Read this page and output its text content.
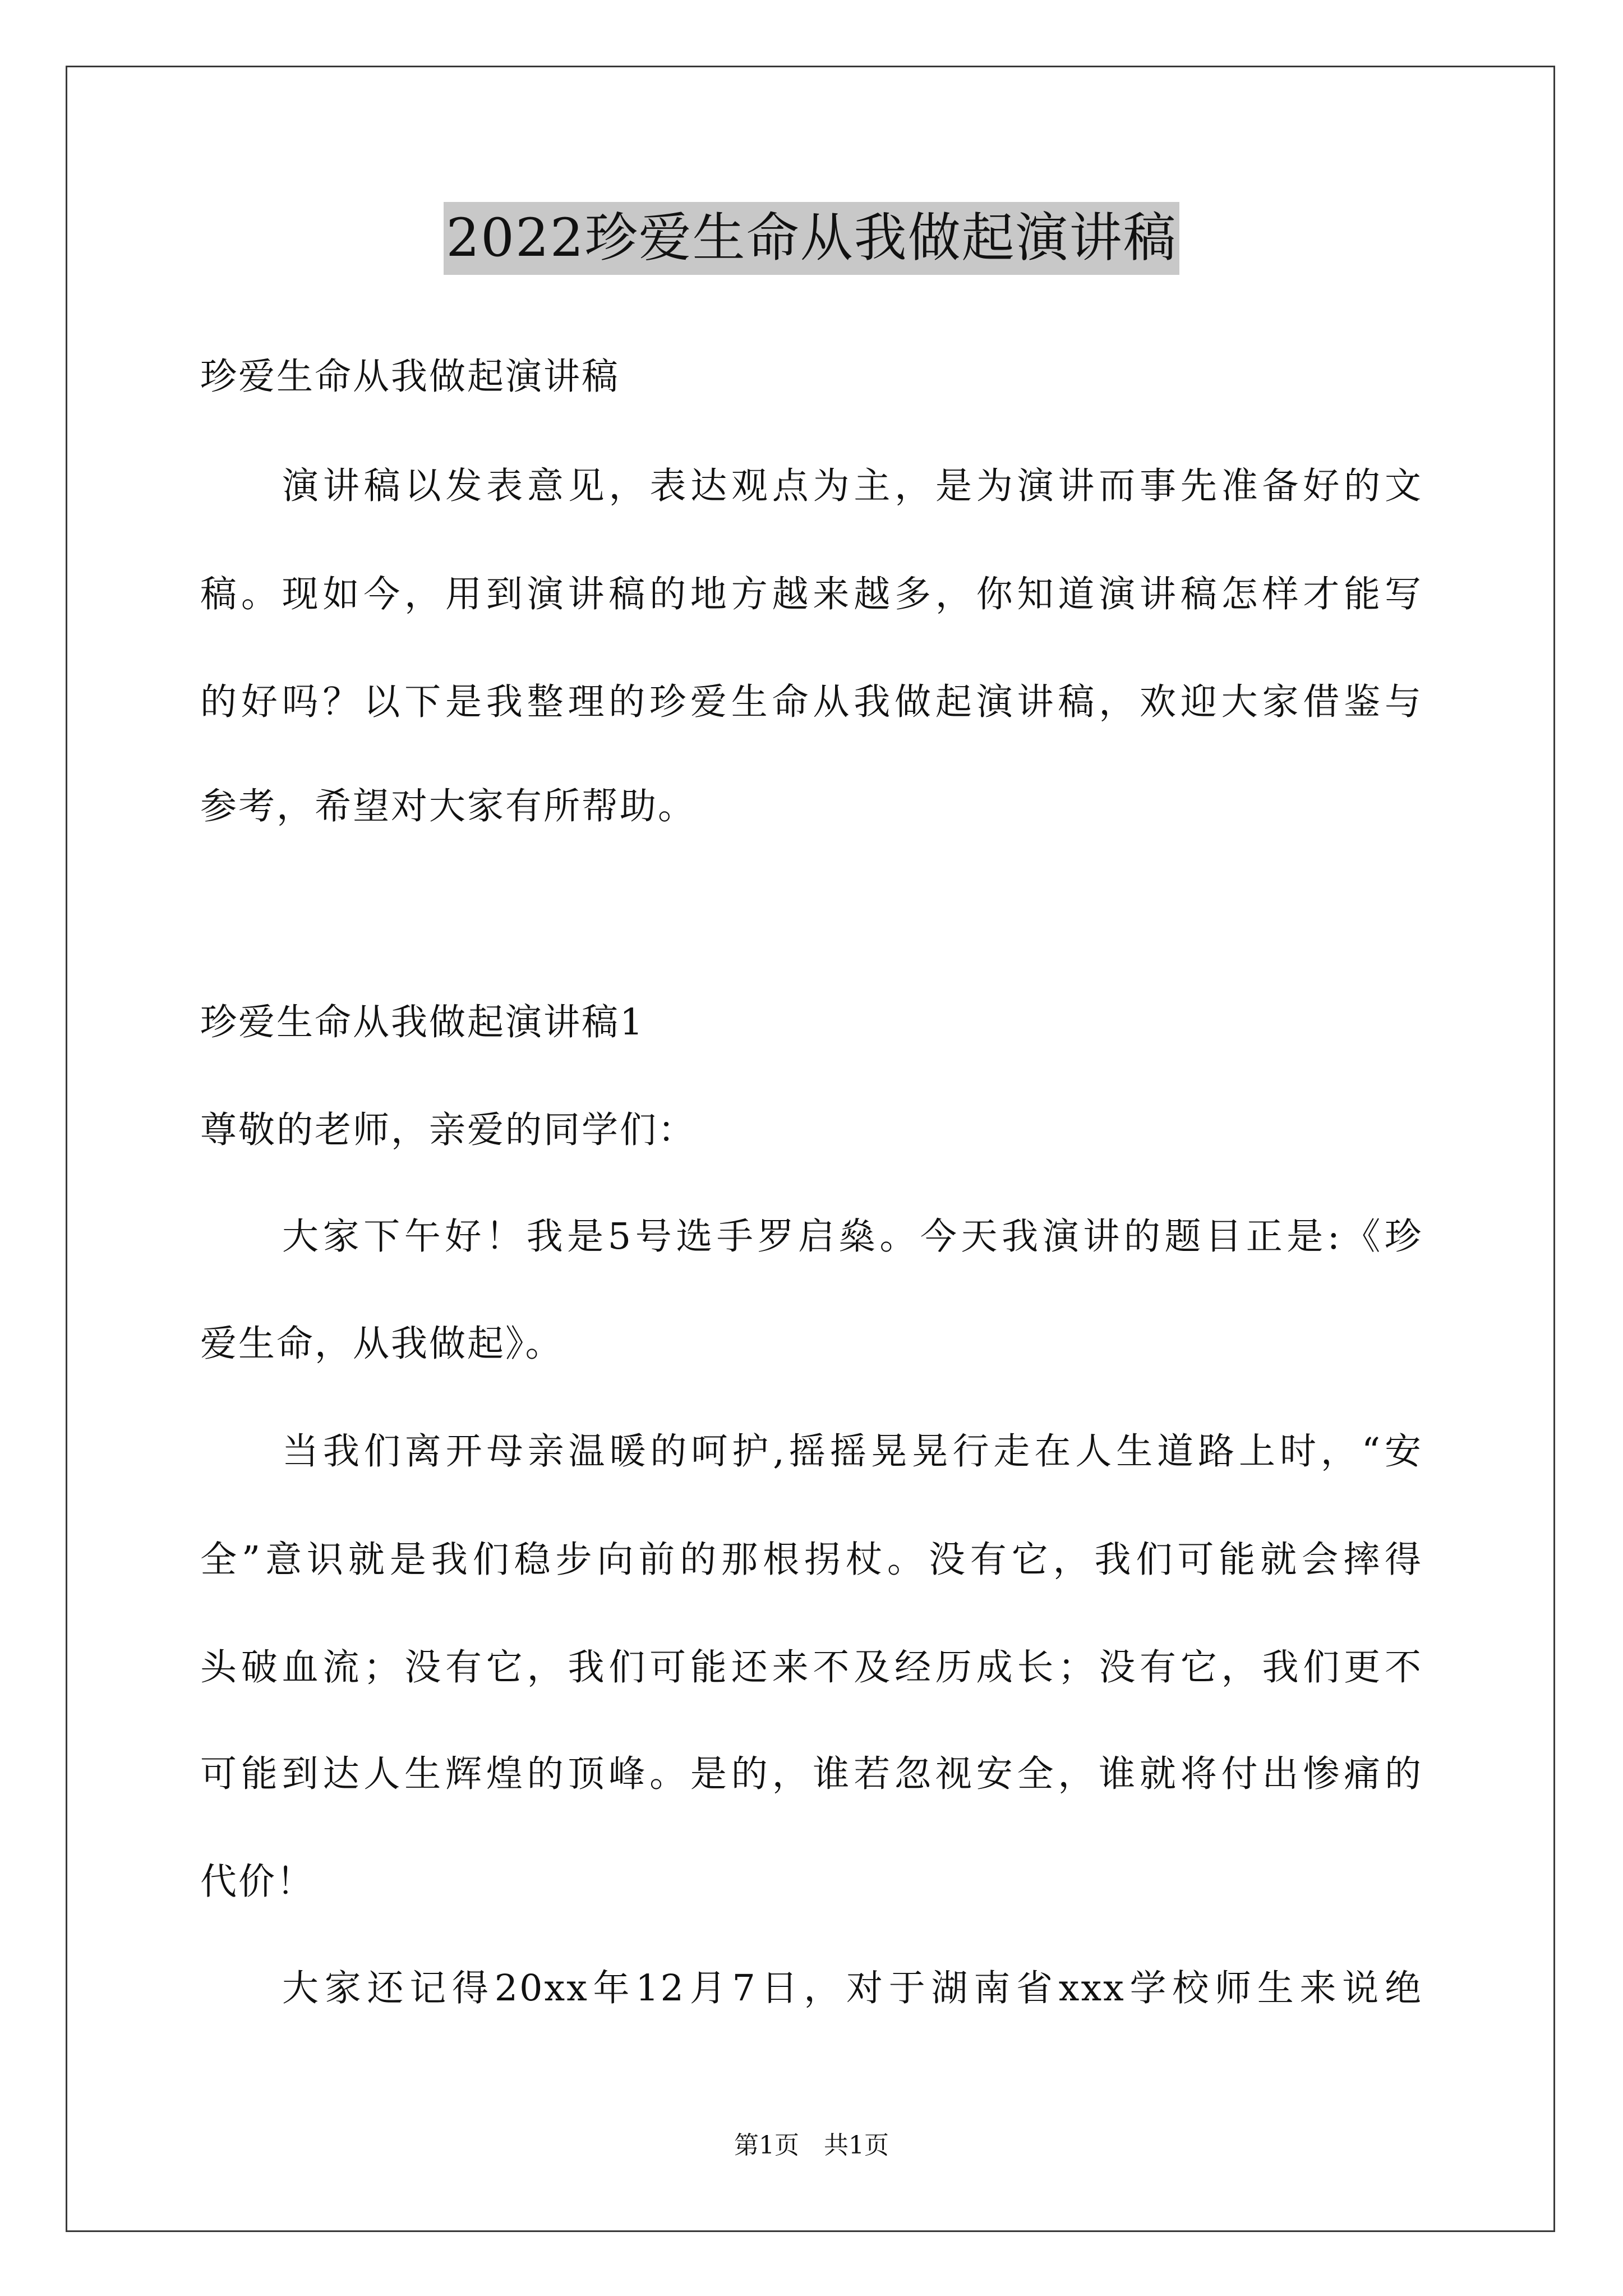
2022珍爱生命从我做起演讲稿
珍爱生命从我做起演讲稿
演讲稿以发表意见，表达观点为主，是为演讲而事先准备好的文
稿。现如今，用到演讲稿的地方越来越多，你知道演讲稿怎样才能写
的好吗？以下是我整理的珍爱生命从我做起演讲稿，欢迎大家借鉴与
参考，希望对大家有所帮助。
珍爱生命从我做起演讲稿1
尊敬的老师，亲爱的同学们：
大家下午好！我是5号选手罗启燊。今天我演讲的题目正是:《珍
爱生命，从我做起》。
当我们离开母亲温暖的呵护,摇摇晃晃行走在人生道路上时，“安
全”意识就是我们稳步向前的那根拐杖。没有它，我们可能就会摔得
头破血流；没有它，我们可能还来不及经历成长；没有它，我们更不
可能到达人生辉煌的顶峰。是的，谁若忽视安全，谁就将付出惨痛的
代价！
大家还记得20xx年12月7日，对于湖南省xxx学校师生来说绝
第1页　共1页
